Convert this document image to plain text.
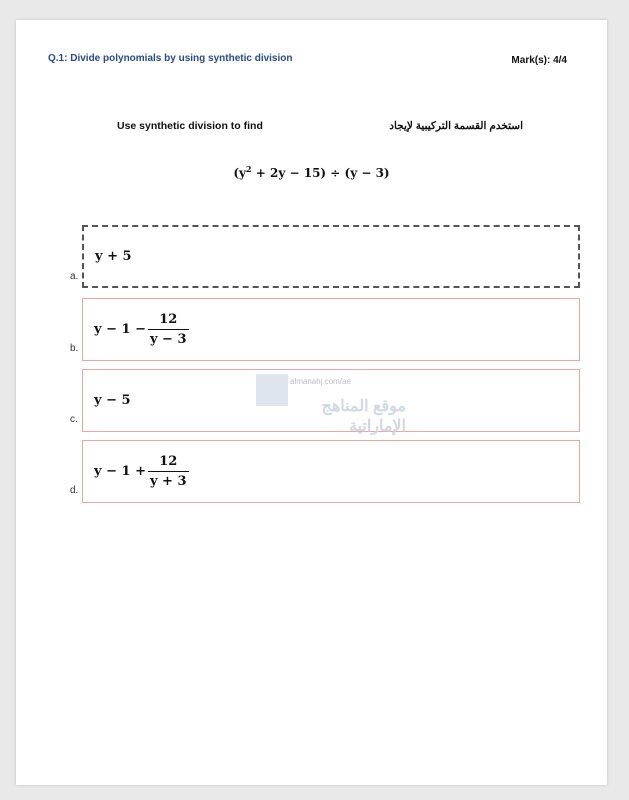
Q.1: Divide polynomials by using synthetic division	Mark(s): 4/4
Use synthetic division to find	استخدم القسمة التركيبية لإيجاد
$(y^2 + 2y - 15) \div (y - 3)$
a.
y + 5
b.
$y - 1 - \frac{12}{y - 3}$
c.
y − 5
d.
$y - 1 + \frac{12}{y + 3}$
almanahj.com/ae
موقع المناهج الإماراتية
